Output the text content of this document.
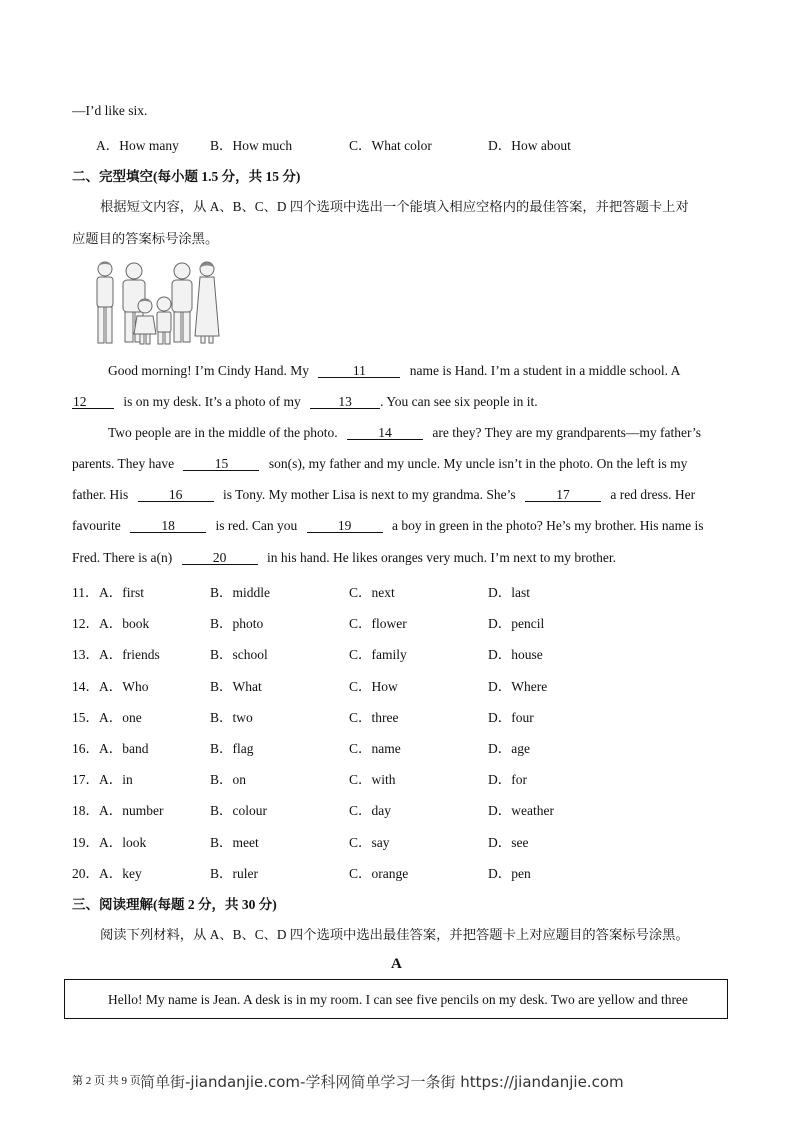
—I’d like six.
A．How many B．How much	C．What color	D．How about
二、完型填空(每小题 1.5 分，共 15 分)
根据短文内容，从 A、B、C、D 四个选项中选出一个能填入相应空格内的最佳答案，并把答题卡上对
应题目的答案标号涂黑。
Good morning! I’m Cindy Hand. My	11	name is Hand. I’m a student in a middle school. A
12	is on my desk. It’s a photo of my	13 . You can see six people in it.
Two people are in the middle of the photo.	14	are they? They are my grandparents—my father’s
parents. They have	15	son(s), my father and my uncle. My uncle isn’t in the photo. On the left is my
father. His	16	is Tony. My mother Lisa is next to my grandma. She’s	17	a red dress. Her
favourite	18	is red. Can you	19	a boy in green in the photo? He’s my brother. His name is
Fred. There is a(n)	20	in his hand. He likes oranges very much. I’m next to my brother.
11． A．first	B．middle	C．next	D．last
12． A．book	B．photo	C．flower	D．pencil
13． A．friends	B．school	C．family	D．house
14． A．Who	B．What	C．How	D．Where
15． A．one	B．two	C．three	D．four
16． A．band	B．flag	C．name	D．age
17． A．in	B．on	C．with	D．for
18． A．number	B．colour	C．day	D．weather
19． A．look	B．meet	C．say	D．see
20． A．key	B．ruler	C．orange	D．pen
三、阅读理解(每题 2 分，共 30 分)
阅读下列材料，从 A、B、C、D 四个选项中选出最佳答案，并把答题卡上对应题目的答案标号涂黑。
A
Hello! My name is Jean. A desk is in my room. I can see five pencils on my desk. Two are yellow and three
第 2 页 共 9 页 简单街-jiandanjie.com-学科网简单学习一条街 https://jiandanjie.com
